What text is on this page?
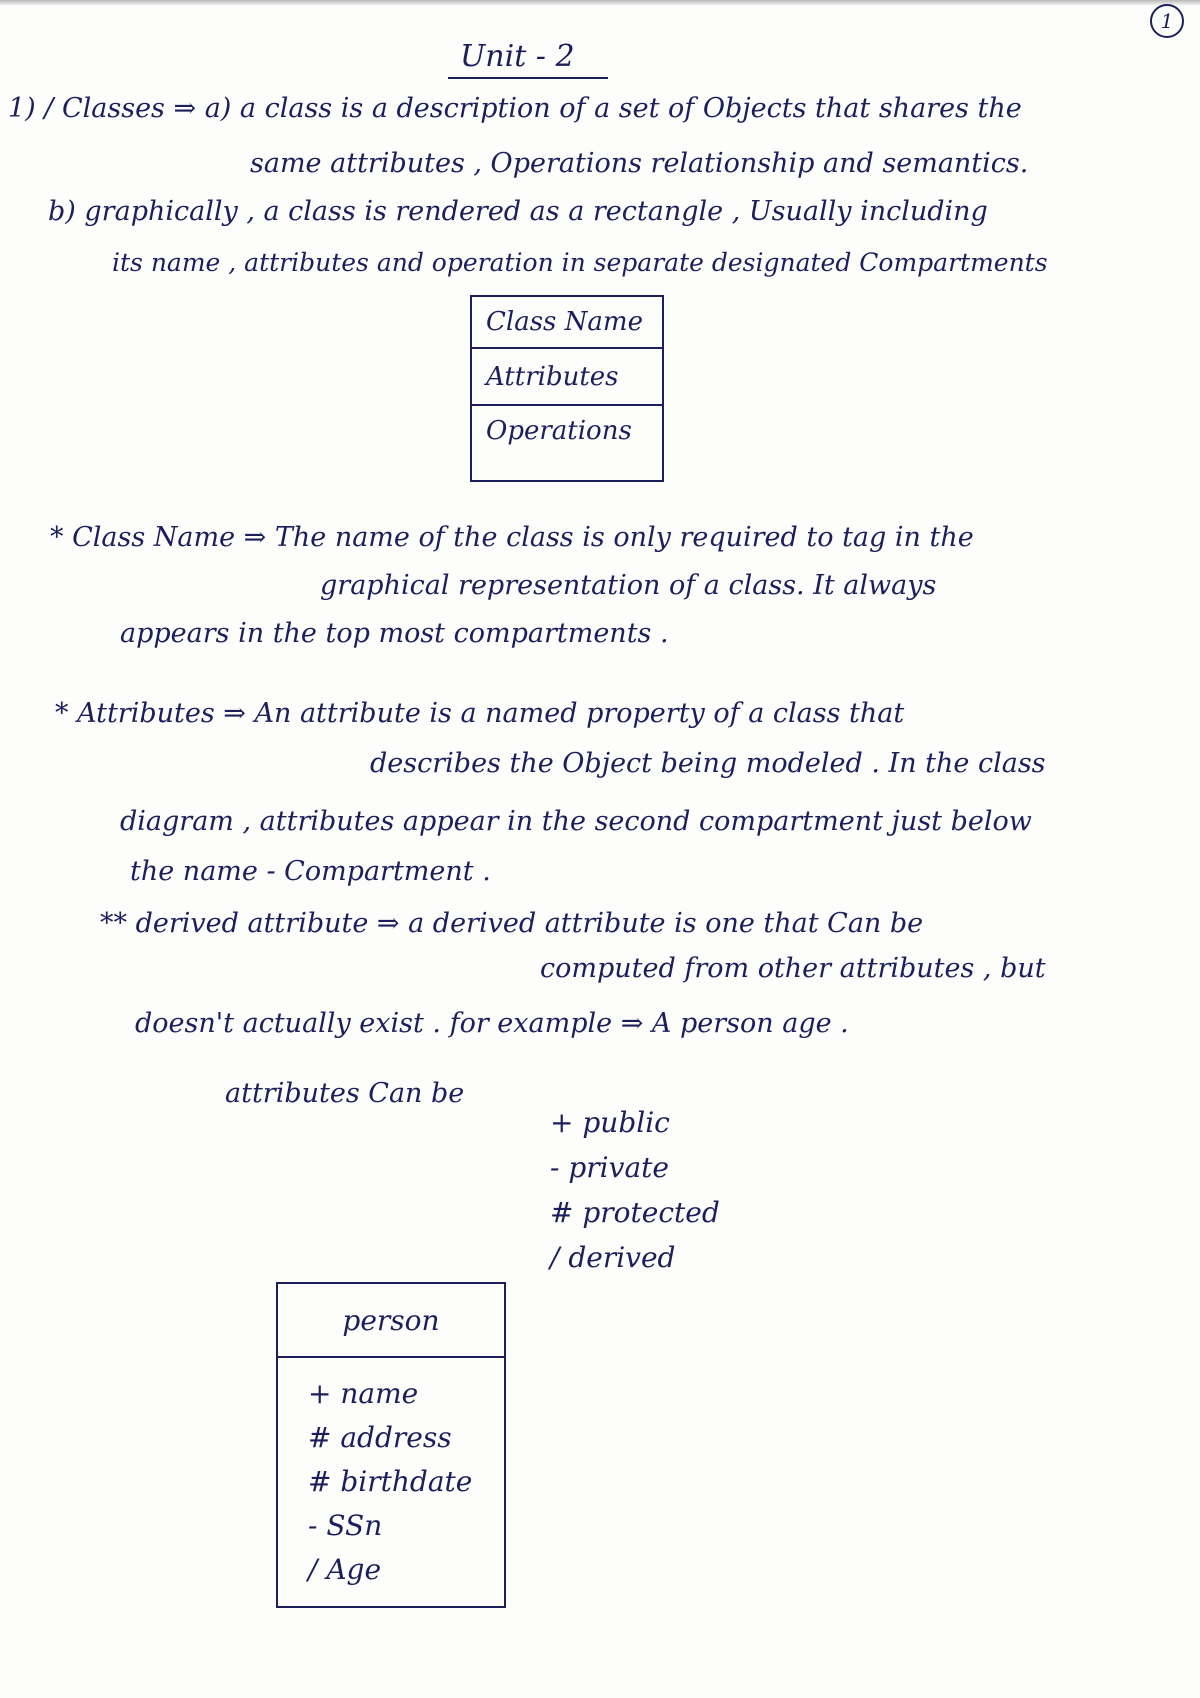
1
Unit - 2
1) / Classes ⇒ a) a class is a description of a set of Objects that shares the
same attributes , Operations relationship and semantics.
b) graphically , a class is rendered as a rectangle , Usually including
its name , attributes and operation in separate designated Compartments
Class Name
Attributes
Operations
* Class Name ⇒ The name of the class is only required to tag in the
graphical representation of a class. It always
appears in the top most compartments .
* Attributes ⇒ An attribute is a named property of a class that
describes the Object being modeled . In the class
diagram , attributes appear in the second compartment just below
the name - Compartment .
** derived attribute ⇒ a derived attribute is one that Can be
computed from other attributes , but
doesn't actually exist . for example ⇒ A person age .
attributes Can be
+ public
- private
# protected
/ derived
person
+ name
# address
# birthdate
- SSn
/ Age
